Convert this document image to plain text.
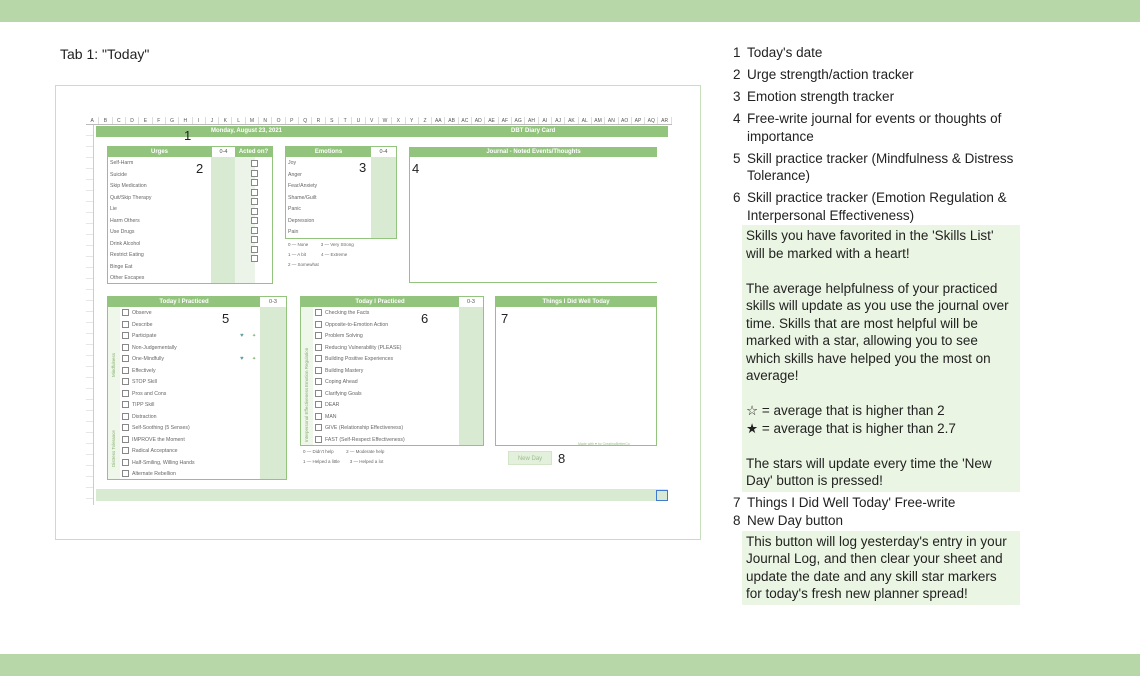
Tab 1: "Today"
A	B	C	D	E	F	G	H	I	J	K	L	M	N	O	P	Q	R	S	T	U	V	W	X	Y	Z	AA	AB	AC	AD	AE	AF	AG	AH	AI	AJ	AK	AL	AM	AN	AO	AP	AQ	AR
Monday, August 23, 2021	DBT Diary Card
1
Urges	0-4	Acted on?
Self-Harm
Suicide
Skip Medication
Quit/Skip Therapy
Lie
Harm Others
Use Drugs
Drink Alcohol
Restrict Eating
Binge Eat
Other Escapes
2
Emotions	0-4
Joy
Anger
Fear/Anxiety
Shame/Guilt
Panic
Depression
Pain
3
0 — None	3 — Very Strong
1 — A bit	4 — Extreme
2 — Somewhat
Journal - Noted Events/Thoughts
4
Today I Practiced	0-3
Mindfulness
Distress Tolerance
Observe
Describe
Participate
Non-Judgementally
One-Mindfully
Effectively
STOP Skill
Pros and Cons
TIPP Skill
Distraction
Self-Soothing (5 Senses)
IMPROVE the Moment
Radical Acceptance
Half-Smiling, Willing Hands
Alternate Rebellion
♥ ✦
♥ ✦
5
Today I Practiced	0-3
Emotion Regulation
Interpersonal Effectiveness
Checking the Facts
Opposite-to-Emotion Action
Problem Solving
Reducing Vulnerability (PLEASE)
Building Positive Experiences
Building Mastery
Coping Ahead
Clarifying Goals
DEAR
MAN
GIVE (Relationship Effectiveness)
FAST (Self-Respect Effectiveness)
6
0 — Didn't help	2 — Moderate help
1 — Helped a little 3 — Helped a lot
Things I Did Well Today
7
Made with ♥ by CreatingBetterCo
New Day	8
1 Today's date
2 Urge strength/action tracker
3 Emotion strength tracker
4 Free-write journal for events or thoughts of importance
5 Skill practice tracker (Mindfulness & Distress Tolerance)
6 Skill practice tracker (Emotion Regulation & Interpersonal Effectiveness)

Skills you have favorited in the 'Skills List' will be marked with a heart!

The average helpfulness of your practiced skills will update as you use the journal over time. Skills that are most helpful will be marked with a star, allowing you to see which skills have helped you the most on average!

☆ = average that is higher than 2
★ = average that is higher than 2.7

The stars will update every time the 'New Day' button is pressed!

7 Things I Did Well Today' Free-write
8 New Day button

This button will log yesterday's entry in your Journal Log, and then clear your sheet and update the date and any skill star markers for today's fresh new planner spread!
